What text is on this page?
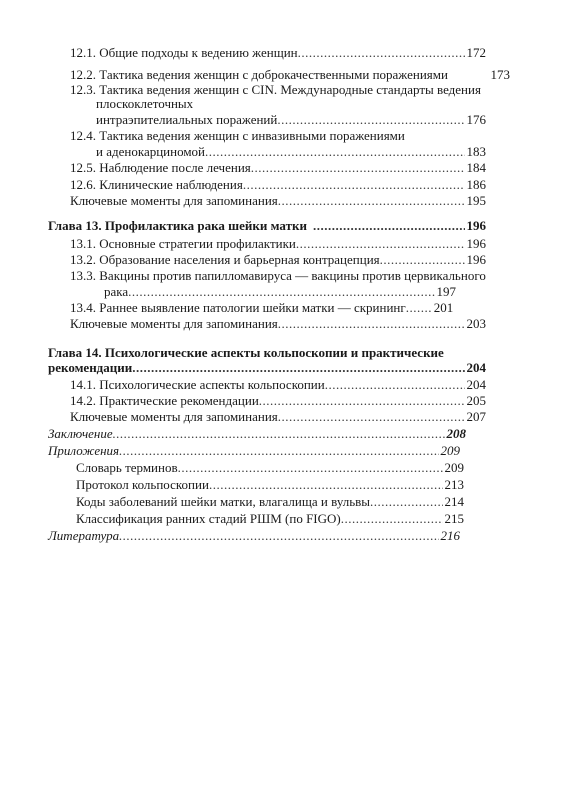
12.1. Общие подходы к ведению женщин .....	172
12.2. Тактика ведения женщин с доброкачественными поражениями	173
12.3. Тактика ведения женщин с CIN. Международные стандарты ведения
плоскоклеточных
интраэпителиальных поражений .....	176
12.4. Тактика ведения женщин с инвазивными поражениями
и аденокарциномой .....	183
12.5. Наблюдение после лечения .....	184
12.6. Клинические наблюдения .....	186
Ключевые моменты для запоминания .....	195
Глава 13. Профилактика рака шейки матки .....	196
13.1. Основные стратегии профилактики .....	196
13.2. Образование населения и барьерная контрацепция .....	196
13.3. Вакцины против папилломавируса — вакцины против цервикального
рака .....	197
13.4. Раннее выявление патологии шейки матки — скрининг ..... 201
Ключевые моменты для запоминания .....	203
Глава 14. Психологические аспекты кольпоскопии и практические
рекомендации .....	204
14.1. Психологические аспекты кольпоскопии .....	204
14.2. Практические рекомендации .....	205
Ключевые моменты для запоминания .....	207
Заключение .....	208
Приложения .....	209
Словарь терминов .....	209
Протокол кольпоскопии .....	213
Коды заболеваний шейки матки, влагалища и вульвы .....	214
Классификация ранних стадий РШМ (по FIGO) .....	215
Литература .....	216
